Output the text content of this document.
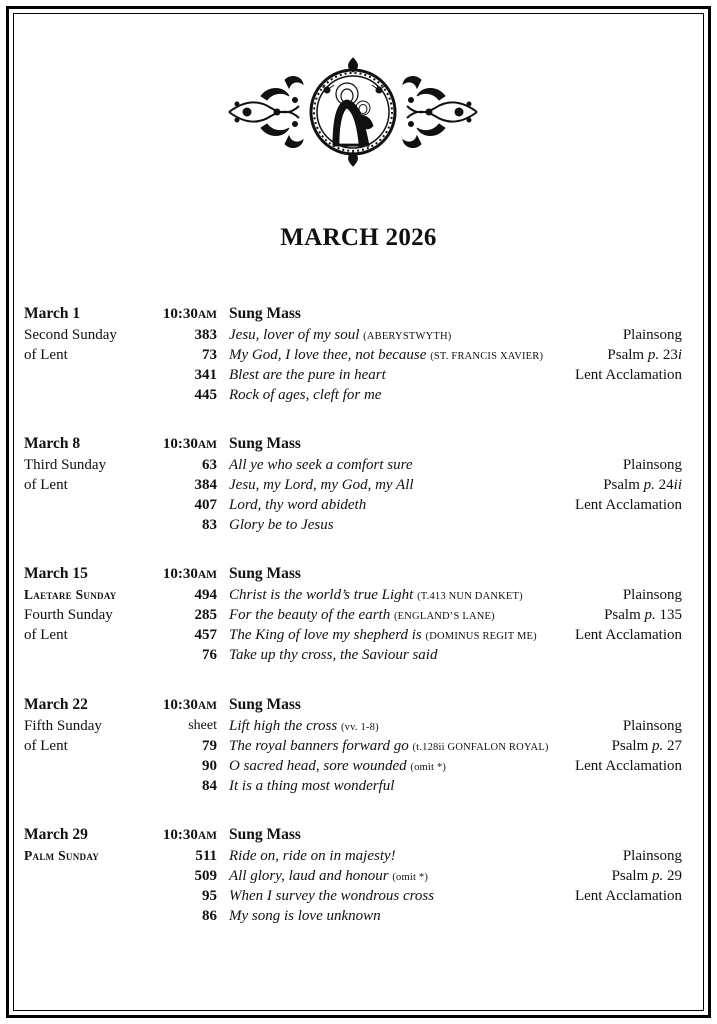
MARCH 2026
March 1	10:30AM Sung Mass
Second Sunday	383 Jesu, lover of my soul (ABERYSTWYTH)	Plainsong
of Lent	73 My God, I love thee, not because (ST. FRANCIS XAVIER)	Psalm p. 23i
341 Blest are the pure in heart	Lent Acclamation
445 Rock of ages, cleft for me
March 8	10:30AM Sung Mass
Third Sunday	63 All ye who seek a comfort sure	Plainsong
of Lent	384 Jesu, my Lord, my God, my All	Psalm p. 24ii
407 Lord, thy word abideth	Lent Acclamation
83 Glory be to Jesus
March 15	10:30AM Sung Mass
Laetare Sunday	494 Christ is the world’s true Light (T.413 NUN DANKET)	Plainsong
Fourth Sunday	285 For the beauty of the earth (ENGLAND’S LANE)	Psalm p. 135
of Lent	457 The King of love my shepherd is (DOMINUS REGIT ME)	Lent Acclamation
76 Take up thy cross, the Saviour said
March 22	10:30AM Sung Mass
Fifth Sunday	sheet Lift high the cross (vv. 1-8)	Plainsong
of Lent	79 The royal banners forward go (t.128ii GONFALON ROYAL)	Psalm p. 27
90 O sacred head, sore wounded (omit *)	Lent Acclamation
84 It is a thing most wonderful
March 29	10:30AM Sung Mass
Palm Sunday	511 Ride on, ride on in majesty!	Plainsong
509 All glory, laud and honour (omit *)	Psalm p. 29
95 When I survey the wondrous cross	Lent Acclamation
86 My song is love unknown
